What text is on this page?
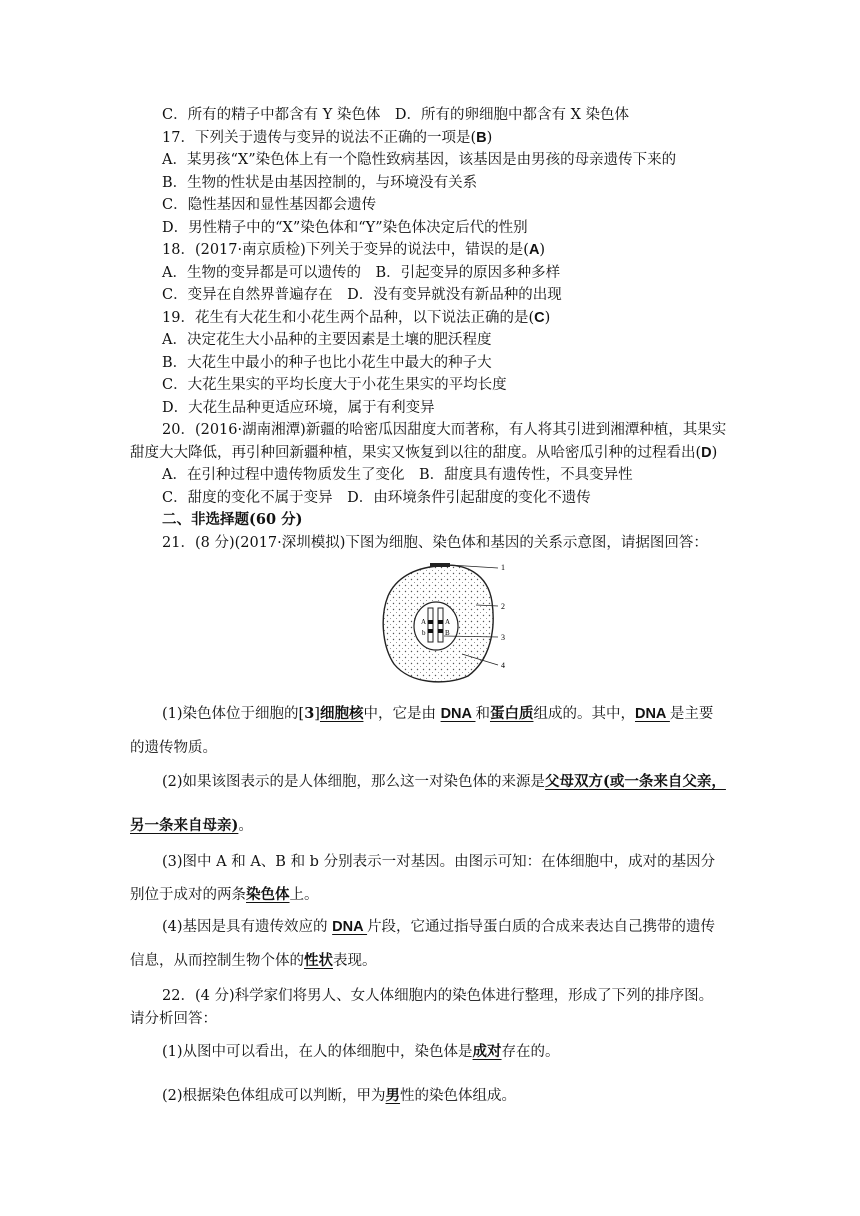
C．所有的精子中都含有 Y 染色体　D．所有的卵细胞中都含有 X 染色体
17．下列关于遗传与变异的说法不正确的一项是(B)
A．某男孩“X”染色体上有一个隐性致病基因，该基因是由男孩的母亲遗传下来的
B．生物的性状是由基因控制的，与环境没有关系
C．隐性基因和显性基因都会遗传
D．男性精子中的“X”染色体和“Y”染色体决定后代的性别
18．(2017·南京质检)下列关于变异的说法中，错误的是(A)
A．生物的变异都是可以遗传的　B．引起变异的原因多种多样
C．变异在自然界普遍存在　D．没有变异就没有新品种的出现
19．花生有大花生和小花生两个品种，以下说法正确的是(C)
A．决定花生大小品种的主要因素是土壤的肥沃程度
B．大花生中最小的种子也比小花生中最大的种子大
C．大花生果实的平均长度大于小花生果实的平均长度
D．大花生品种更适应环境，属于有利变异
20．(2016·湖南湘潭)新疆的哈密瓜因甜度大而著称，有人将其引进到湘潭种植，其果实
甜度大大降低，再引种回新疆种植，果实又恢复到以往的甜度。从哈密瓜引种的过程看出(D)
A．在引种过程中遗传物质发生了变化　B．甜度具有遗传性，不具变异性
C．甜度的变化不属于变异　D．由环境条件引起甜度的变化不遗传
二、非选择题(60 分)
21．(8 分)(2017·深圳模拟)下图为细胞、染色体和基因的关系示意图，请据图回答：
A
b
A
B
1
2
3
4
(1)染色体位于细胞的[3]细胞核中，它是由 DNA 和蛋白质组成的。其中，DNA 是主要
的遗传物质。
(2)如果该图表示的是人体细胞，那么这一对染色体的来源是父母双方(或一条来自父亲，
另一条来自母亲)。
(3)图中 A 和 A、B 和 b 分别表示一对基因。由图示可知：在体细胞中，成对的基因分
别位于成对的两条染色体上。
(4)基因是具有遗传效应的 DNA 片段，它通过指导蛋白质的合成来表达自己携带的遗传
信息，从而控制生物个体的性状表现。
22．(4 分)科学家们将男人、女人体细胞内的染色体进行整理，形成了下列的排序图。
请分析回答：
(1)从图中可以看出，在人的体细胞中，染色体是成对存在的。
(2)根据染色体组成可以判断，甲为男性的染色体组成。
